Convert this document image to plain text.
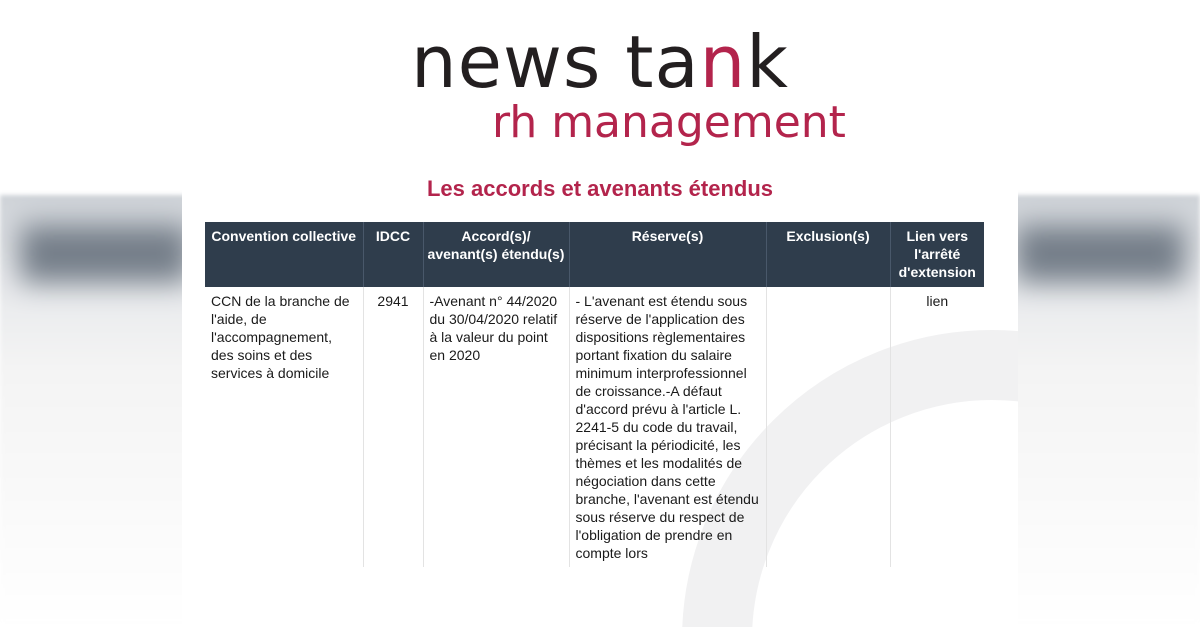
news tank
rh management
Les accords et avenants étendus
Convention collective	IDCC	Accord(s)/ avenant(s) étendu(s)	Réserve(s)	Exclusion(s)	Lien vers l'arrêté d'extension
CCN de la branche de l'aide, de l'accompagnement, des soins et des services à domicile	2941	-Avenant n° 44/2020 du 30/04/2020 relatif à la valeur du point en 2020	- L'avenant est étendu sous réserve de l'application des dispositions règlementaires portant fixation du salaire minimum interprofessionnel de croissance.-A défaut d'accord prévu à l'article L. 2241-5 du code du travail, précisant la périodicité, les thèmes et les modalités de négociation dans cette branche, l'avenant est étendu sous réserve du respect de l'obligation de prendre en compte lors		lien
